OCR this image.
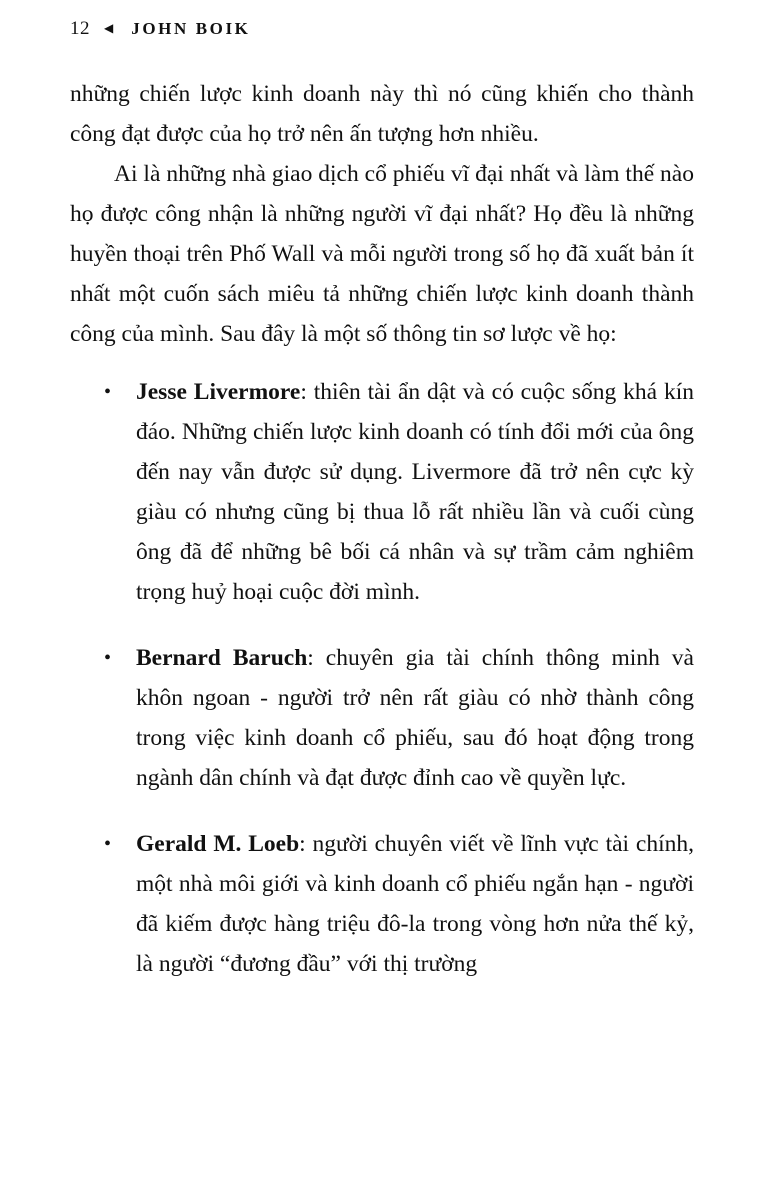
12 ◀ JOHN BOIK

những chiến lược kinh doanh này thì nó cũng khiến cho thành công đạt được của họ trở nên ấn tượng hơn nhiều.

Ai là những nhà giao dịch cổ phiếu vĩ đại nhất và làm thế nào họ được công nhận là những người vĩ đại nhất? Họ đều là những huyền thoại trên Phố Wall và mỗi người trong số họ đã xuất bản ít nhất một cuốn sách miêu tả những chiến lược kinh doanh thành công của mình. Sau đây là một số thông tin sơ lược về họ:

• Jesse Livermore: thiên tài ẩn dật và có cuộc sống khá kín đáo. Những chiến lược kinh doanh có tính đổi mới của ông đến nay vẫn được sử dụng. Livermore đã trở nên cực kỳ giàu có nhưng cũng bị thua lỗ rất nhiều lần và cuối cùng ông đã để những bê bối cá nhân và sự trầm cảm nghiêm trọng huỷ hoại cuộc đời mình.
• Bernard Baruch: chuyên gia tài chính thông minh và khôn ngoan - người trở nên rất giàu có nhờ thành công trong việc kinh doanh cổ phiếu, sau đó hoạt động trong ngành dân chính và đạt được đỉnh cao về quyền lực.
• Gerald M. Loeb: người chuyên viết về lĩnh vực tài chính, một nhà môi giới và kinh doanh cổ phiếu ngắn hạn - người đã kiếm được hàng triệu đô-la trong vòng hơn nửa thế kỷ, là người “đương đầu” với thị trường
